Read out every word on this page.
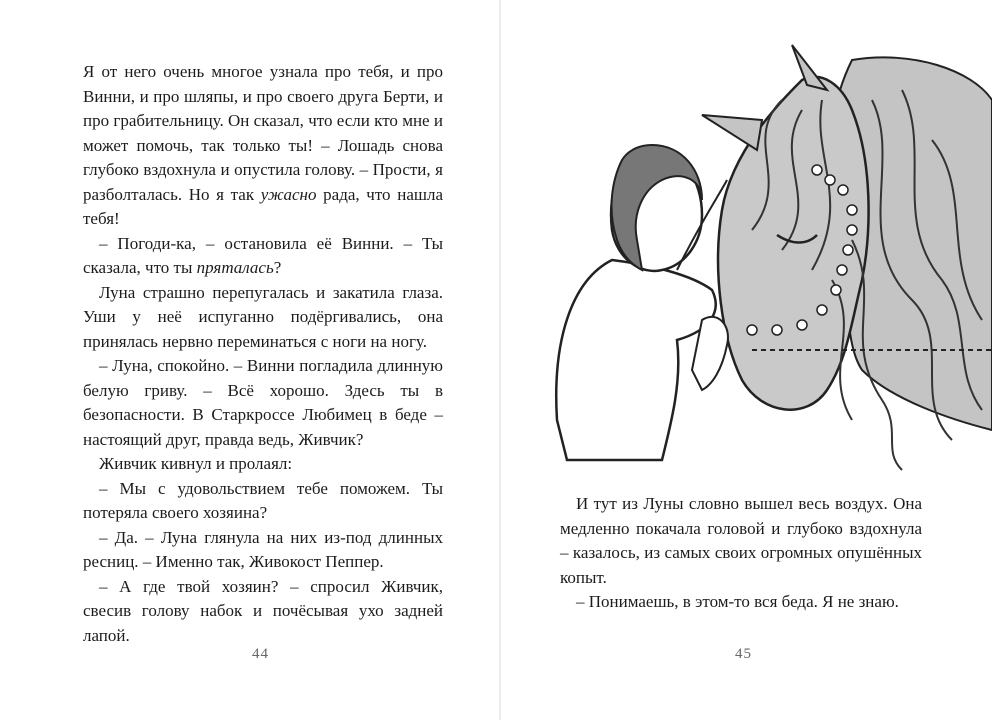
Я от него очень многое узнала про тебя, и про Винни, и про шляпы, и про своего друга Берти, и про грабительницу. Он сказал, что если кто мне и может помочь, так только ты! – Лошадь снова глубоко вздохнула и опустила голову. – Прости, я разболталась. Но я так ужасно рада, что нашла тебя!

– Погоди-ка, – остановила её Винни. – Ты сказала, что ты пряталась?

Луна страшно перепугалась и закатила глаза. Уши у неё испуганно подёргивались, она принялась нервно переминаться с ноги на ногу.

– Луна, спокойно. – Винни погладила длинную белую гриву. – Всё хорошо. Здесь ты в безопасности. В Старкроссе Любимец в беде – настоящий друг, правда ведь, Живчик?

Живчик кивнул и пролаял:

– Мы с удовольствием тебе поможем. Ты потеряла своего хозяина?

– Да. – Луна глянула на них из-под длинных ресниц. – Именно так, Живокост Пеппер.

– А где твой хозяин? – спросил Живчик, свесив голову набок и почёсывая ухо задней лапой.

И тут из Луны словно вышел весь воздух. Она медленно покачала головой и глубоко вздохнула – казалось, из самых своих огромных опушённых копыт.

– Понимаешь, в этом-то вся беда. Я не знаю.

44	45
